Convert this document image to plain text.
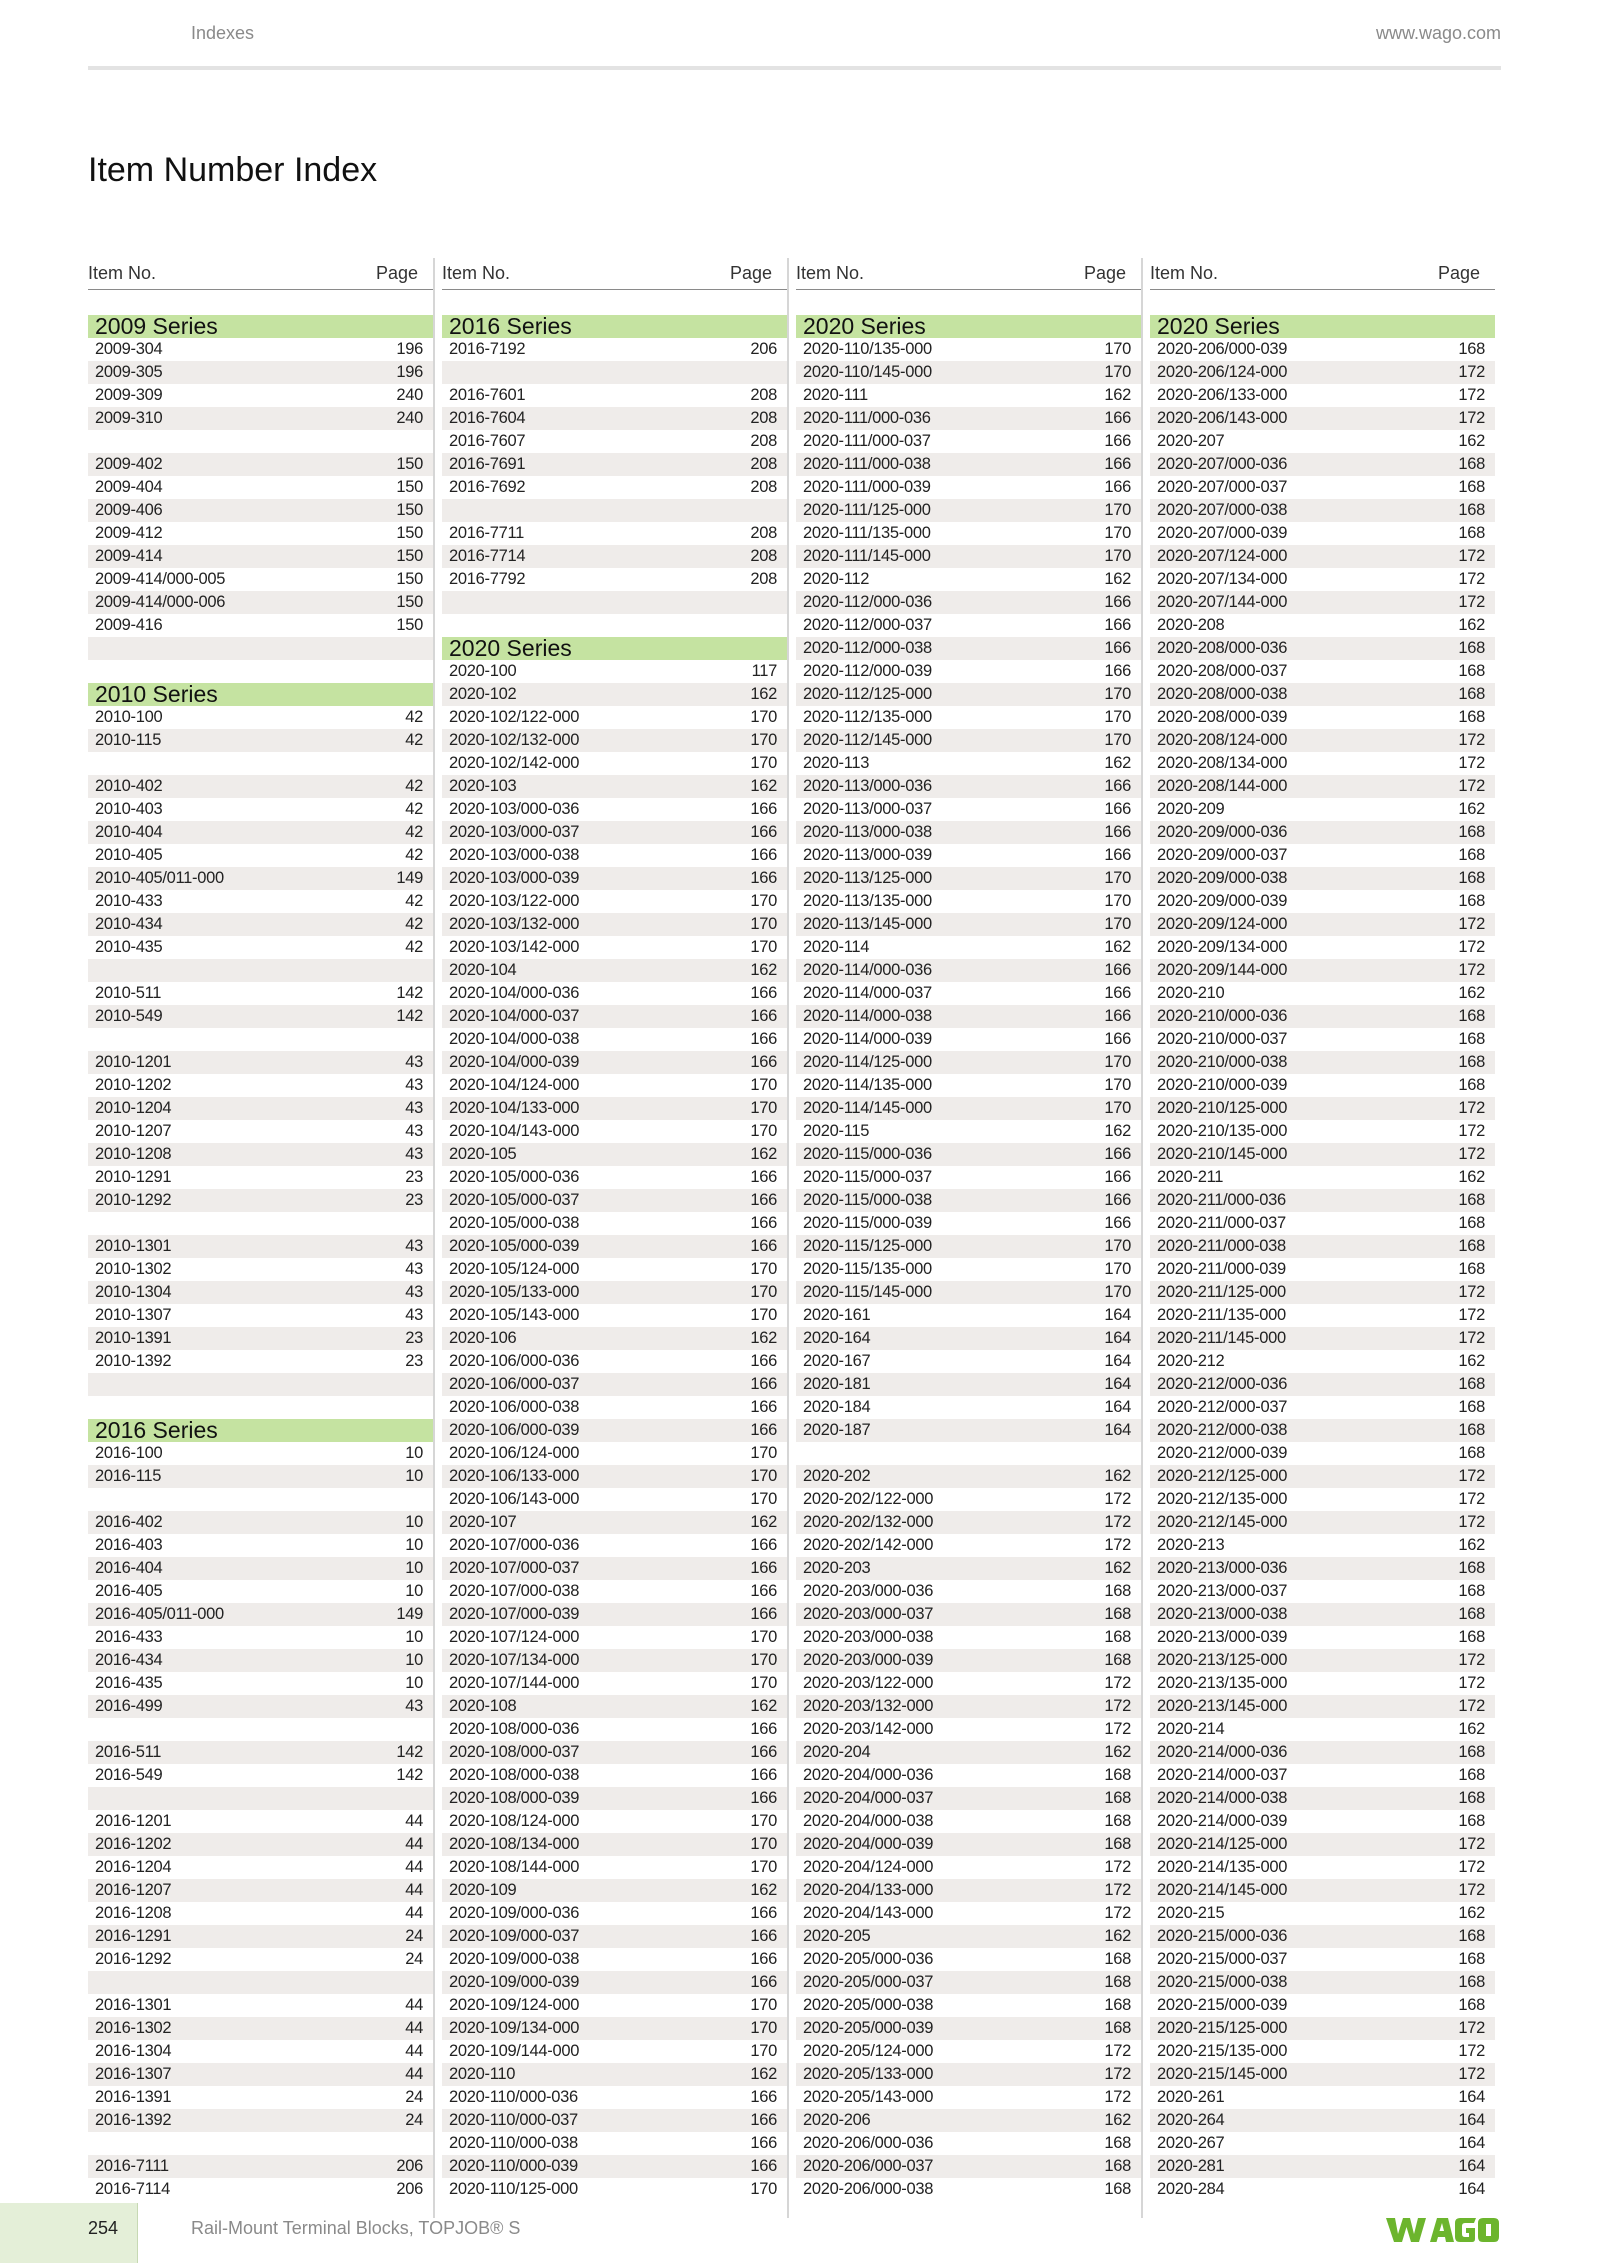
Indexes	www.wago.com
Item Number Index
Item No.	Page
2009 Series
2009-304	196
2009-305	196
2009-309	240
2009-310	240
2009-402	150
2009-404	150
2009-406	150
2009-412	150
2009-414	150
2009-414/000-005	150
2009-414/000-006	150
2009-416	150
2010 Series
2010-100	42
2010-115	42
2010-402	42
2010-403	42
2010-404	42
2010-405	42
2010-405/011-000	149
2010-433	42
2010-434	42
2010-435	42
2010-511	142
2010-549	142
2010-1201	43
2010-1202	43
2010-1204	43
2010-1207	43
2010-1208	43
2010-1291	23
2010-1292	23
2010-1301	43
2010-1302	43
2010-1304	43
2010-1307	43
2010-1391	23
2010-1392	23
2016 Series
2016-100	10
2016-115	10
2016-402	10
2016-403	10
2016-404	10
2016-405	10
2016-405/011-000	149
2016-433	10
2016-434	10
2016-435	10
2016-499	43
2016-511	142
2016-549	142
2016-1201	44
2016-1202	44
2016-1204	44
2016-1207	44
2016-1208	44
2016-1291	24
2016-1292	24
2016-1301	44
2016-1302	44
2016-1304	44
2016-1307	44
2016-1391	24
2016-1392	24
2016-7111	206
2016-7114	206
Item No.	Page
2016 Series
2016-7192	206
2016-7601	208
2016-7604	208
2016-7607	208
2016-7691	208
2016-7692	208
2016-7711	208
2016-7714	208
2016-7792	208
2020 Series
2020-100	117
2020-102	162
2020-102/122-000	170
2020-102/132-000	170
2020-102/142-000	170
2020-103	162
2020-103/000-036	166
2020-103/000-037	166
2020-103/000-038	166
2020-103/000-039	166
2020-103/122-000	170
2020-103/132-000	170
2020-103/142-000	170
2020-104	162
2020-104/000-036	166
2020-104/000-037	166
2020-104/000-038	166
2020-104/000-039	166
2020-104/124-000	170
2020-104/133-000	170
2020-104/143-000	170
2020-105	162
2020-105/000-036	166
2020-105/000-037	166
2020-105/000-038	166
2020-105/000-039	166
2020-105/124-000	170
2020-105/133-000	170
2020-105/143-000	170
2020-106	162
2020-106/000-036	166
2020-106/000-037	166
2020-106/000-038	166
2020-106/000-039	166
2020-106/124-000	170
2020-106/133-000	170
2020-106/143-000	170
2020-107	162
2020-107/000-036	166
2020-107/000-037	166
2020-107/000-038	166
2020-107/000-039	166
2020-107/124-000	170
2020-107/134-000	170
2020-107/144-000	170
2020-108	162
2020-108/000-036	166
2020-108/000-037	166
2020-108/000-038	166
2020-108/000-039	166
2020-108/124-000	170
2020-108/134-000	170
2020-108/144-000	170
2020-109	162
2020-109/000-036	166
2020-109/000-037	166
2020-109/000-038	166
2020-109/000-039	166
2020-109/124-000	170
2020-109/134-000	170
2020-109/144-000	170
2020-110	162
2020-110/000-036	166
2020-110/000-037	166
2020-110/000-038	166
2020-110/000-039	166
2020-110/125-000	170
Item No.	Page
2020 Series
2020-110/135-000	170
2020-110/145-000	170
2020-111	162
2020-111/000-036	166
2020-111/000-037	166
2020-111/000-038	166
2020-111/000-039	166
2020-111/125-000	170
2020-111/135-000	170
2020-111/145-000	170
2020-112	162
2020-112/000-036	166
2020-112/000-037	166
2020-112/000-038	166
2020-112/000-039	166
2020-112/125-000	170
2020-112/135-000	170
2020-112/145-000	170
2020-113	162
2020-113/000-036	166
2020-113/000-037	166
2020-113/000-038	166
2020-113/000-039	166
2020-113/125-000	170
2020-113/135-000	170
2020-113/145-000	170
2020-114	162
2020-114/000-036	166
2020-114/000-037	166
2020-114/000-038	166
2020-114/000-039	166
2020-114/125-000	170
2020-114/135-000	170
2020-114/145-000	170
2020-115	162
2020-115/000-036	166
2020-115/000-037	166
2020-115/000-038	166
2020-115/000-039	166
2020-115/125-000	170
2020-115/135-000	170
2020-115/145-000	170
2020-161	164
2020-164	164
2020-167	164
2020-181	164
2020-184	164
2020-187	164
2020-202	162
2020-202/122-000	172
2020-202/132-000	172
2020-202/142-000	172
2020-203	162
2020-203/000-036	168
2020-203/000-037	168
2020-203/000-038	168
2020-203/000-039	168
2020-203/122-000	172
2020-203/132-000	172
2020-203/142-000	172
2020-204	162
2020-204/000-036	168
2020-204/000-037	168
2020-204/000-038	168
2020-204/000-039	168
2020-204/124-000	172
2020-204/133-000	172
2020-204/143-000	172
2020-205	162
2020-205/000-036	168
2020-205/000-037	168
2020-205/000-038	168
2020-205/000-039	168
2020-205/124-000	172
2020-205/133-000	172
2020-205/143-000	172
2020-206	162
2020-206/000-036	168
2020-206/000-037	168
2020-206/000-038	168
Item No.	Page
2020 Series
2020-206/000-039	168
2020-206/124-000	172
2020-206/133-000	172
2020-206/143-000	172
2020-207	162
2020-207/000-036	168
2020-207/000-037	168
2020-207/000-038	168
2020-207/000-039	168
2020-207/124-000	172
2020-207/134-000	172
2020-207/144-000	172
2020-208	162
2020-208/000-036	168
2020-208/000-037	168
2020-208/000-038	168
2020-208/000-039	168
2020-208/124-000	172
2020-208/134-000	172
2020-208/144-000	172
2020-209	162
2020-209/000-036	168
2020-209/000-037	168
2020-209/000-038	168
2020-209/000-039	168
2020-209/124-000	172
2020-209/134-000	172
2020-209/144-000	172
2020-210	162
2020-210/000-036	168
2020-210/000-037	168
2020-210/000-038	168
2020-210/000-039	168
2020-210/125-000	172
2020-210/135-000	172
2020-210/145-000	172
2020-211	162
2020-211/000-036	168
2020-211/000-037	168
2020-211/000-038	168
2020-211/000-039	168
2020-211/125-000	172
2020-211/135-000	172
2020-211/145-000	172
2020-212	162
2020-212/000-036	168
2020-212/000-037	168
2020-212/000-038	168
2020-212/000-039	168
2020-212/125-000	172
2020-212/135-000	172
2020-212/145-000	172
2020-213	162
2020-213/000-036	168
2020-213/000-037	168
2020-213/000-038	168
2020-213/000-039	168
2020-213/125-000	172
2020-213/135-000	172
2020-213/145-000	172
2020-214	162
2020-214/000-036	168
2020-214/000-037	168
2020-214/000-038	168
2020-214/000-039	168
2020-214/125-000	172
2020-214/135-000	172
2020-214/145-000	172
2020-215	162
2020-215/000-036	168
2020-215/000-037	168
2020-215/000-038	168
2020-215/000-039	168
2020-215/125-000	172
2020-215/135-000	172
2020-215/145-000	172
2020-261	164
2020-264	164
2020-267	164
2020-281	164
2020-284	164
254	Rail-Mount Terminal Blocks, TOPJOB® S
